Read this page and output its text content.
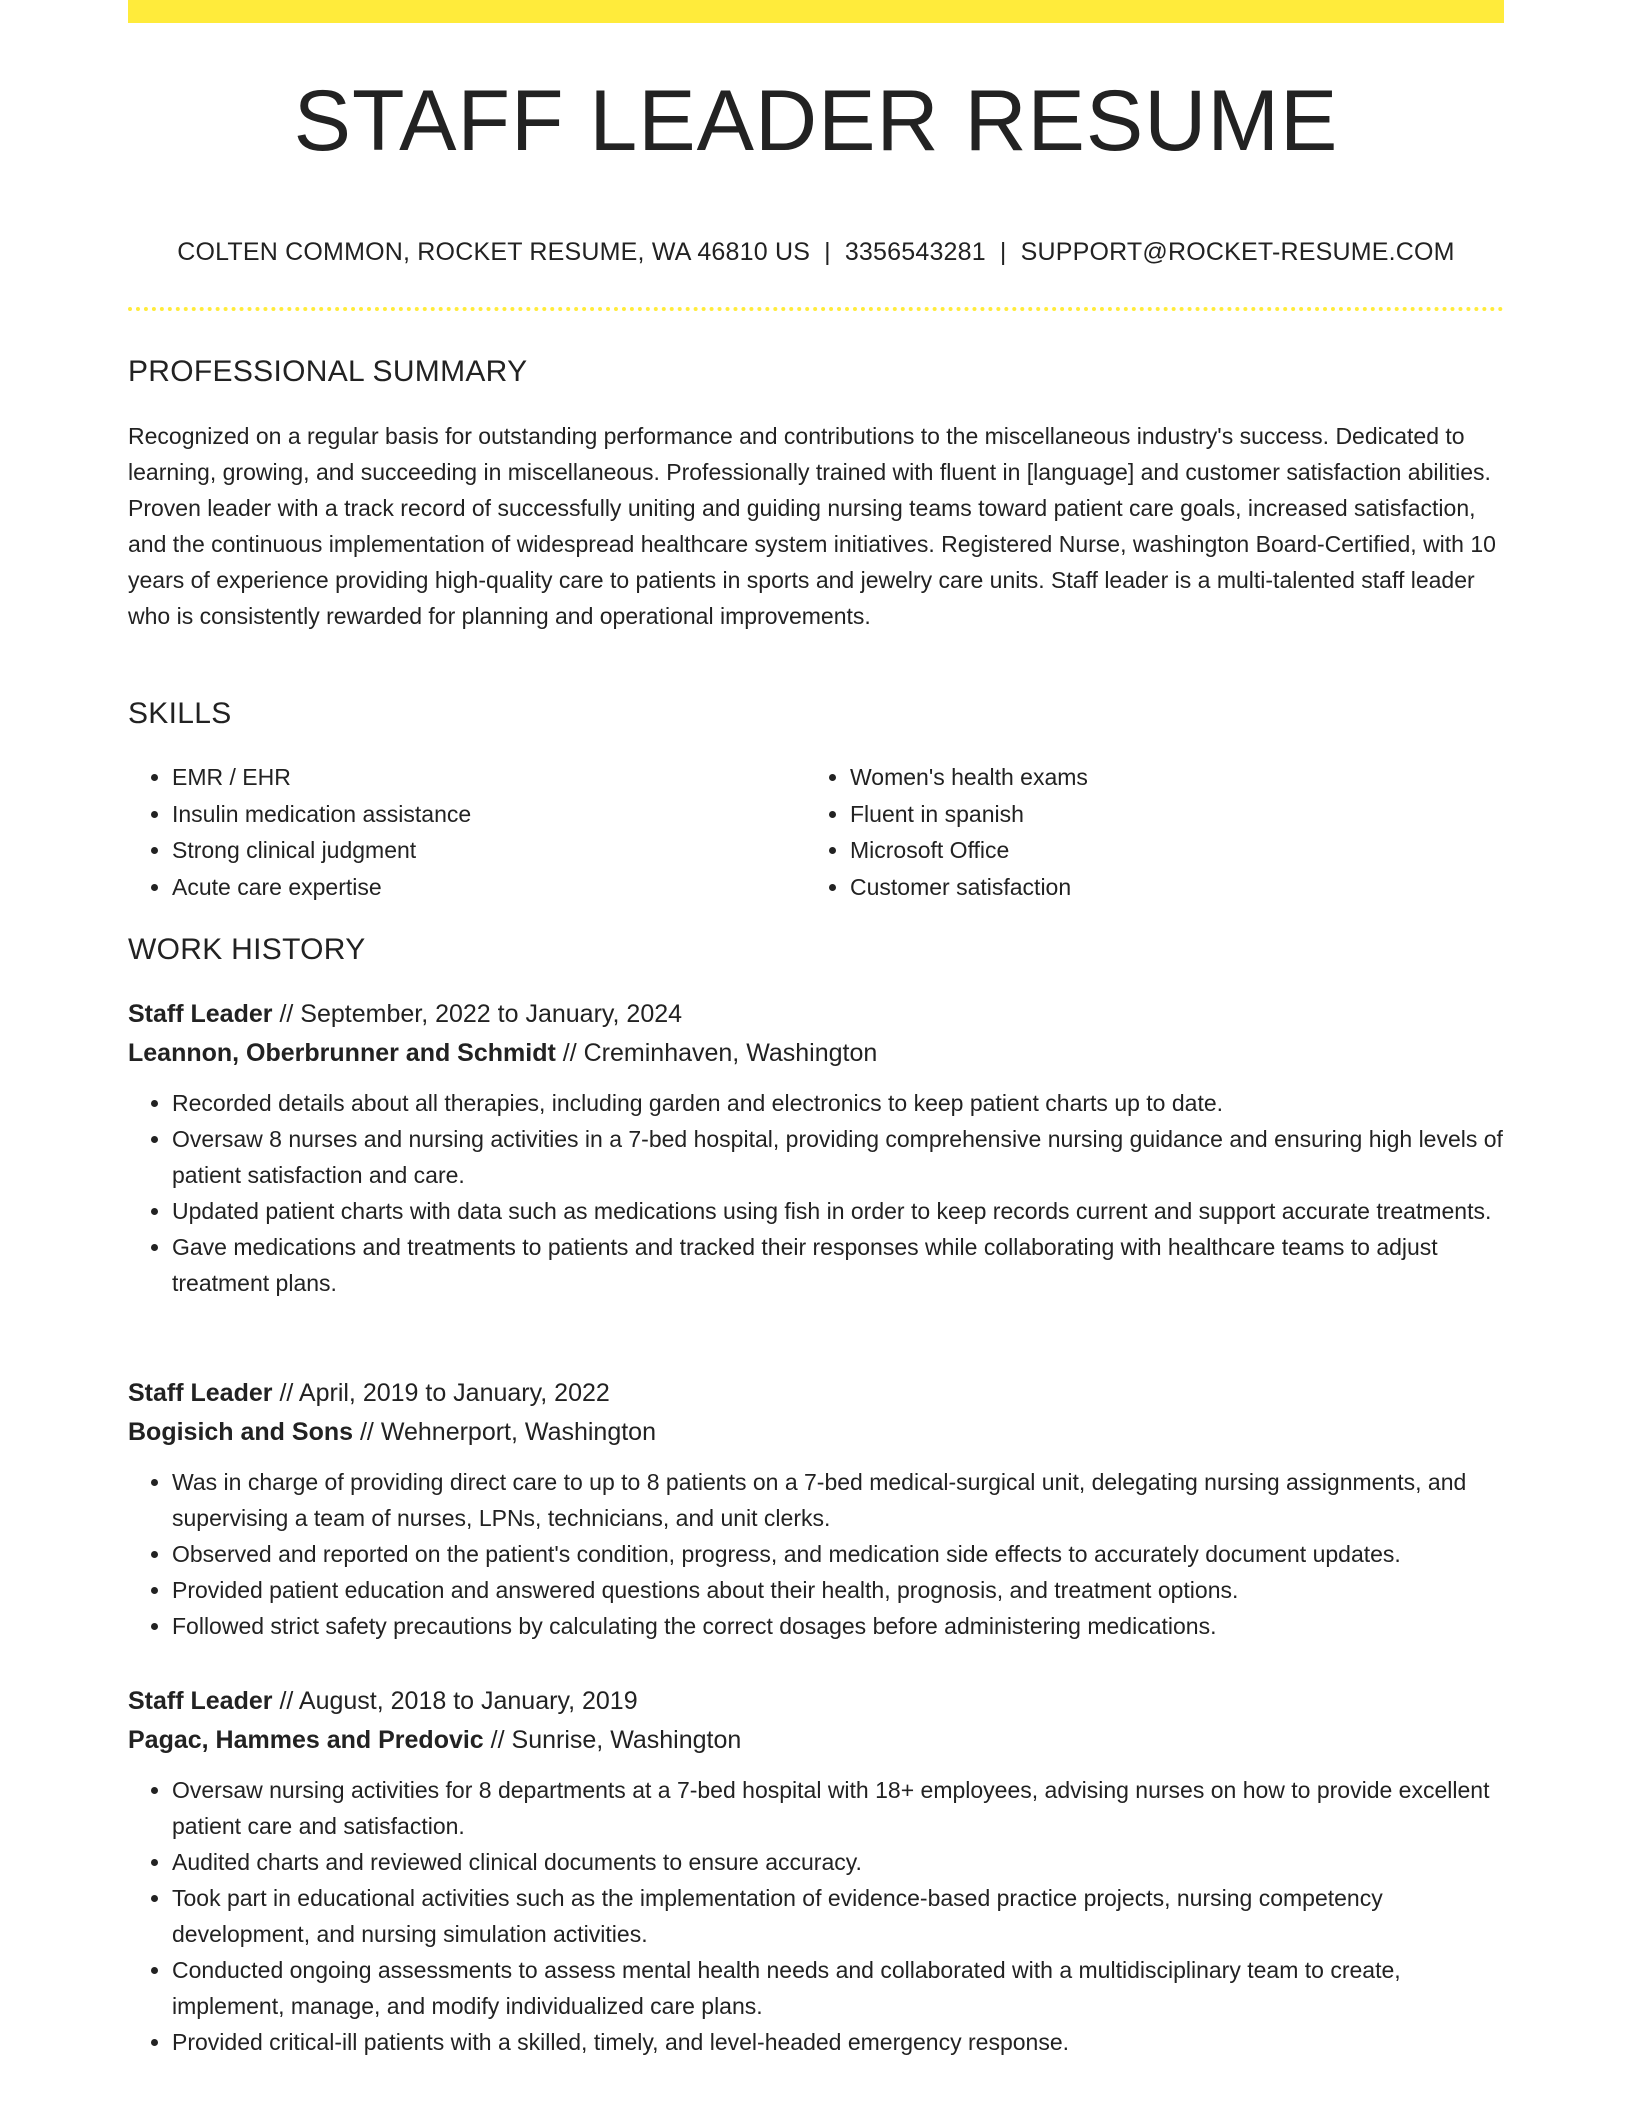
STAFF LEADER RESUME
COLTEN COMMON, ROCKET RESUME, WA 46810 US | 3356543281 | SUPPORT@ROCKET-RESUME.COM
PROFESSIONAL SUMMARY

Recognized on a regular basis for outstanding performance and contributions to the miscellaneous industry's success. Dedicated to learning, growing, and succeeding in miscellaneous. Professionally trained with fluent in [language] and customer satisfaction abilities. Proven leader with a track record of successfully uniting and guiding nursing teams toward patient care goals, increased satisfaction, and the continuous implementation of widespread healthcare system initiatives. Registered Nurse, washington Board-Certified, with 10 years of experience providing high-quality care to patients in sports and jewelry care units. Staff leader is a multi-talented staff leader who is consistently rewarded for planning and operational improvements.

SKILLS
• EMR / EHR
• Insulin medication assistance
• Strong clinical judgment
• Acute care expertise
• Women's health exams
• Fluent in spanish
• Microsoft Office
• Customer satisfaction
WORK HISTORY
Staff Leader // September, 2022 to January, 2024
Leannon, Oberbrunner and Schmidt // Creminhaven, Washington
• Recorded details about all therapies, including garden and electronics to keep patient charts up to date.
• Oversaw 8 nurses and nursing activities in a 7-bed hospital, providing comprehensive nursing guidance and ensuring high levels of patient satisfaction and care.
• Updated patient charts with data such as medications using fish in order to keep records current and support accurate treatments.
• Gave medications and treatments to patients and tracked their responses while collaborating with healthcare teams to adjust treatment plans.
Staff Leader // April, 2019 to January, 2022
Bogisich and Sons // Wehnerport, Washington
• Was in charge of providing direct care to up to 8 patients on a 7-bed medical-surgical unit, delegating nursing assignments, and supervising a team of nurses, LPNs, technicians, and unit clerks.
• Observed and reported on the patient's condition, progress, and medication side effects to accurately document updates.
• Provided patient education and answered questions about their health, prognosis, and treatment options.
• Followed strict safety precautions by calculating the correct dosages before administering medications.
Staff Leader // August, 2018 to January, 2019
Pagac, Hammes and Predovic // Sunrise, Washington
• Oversaw nursing activities for 8 departments at a 7-bed hospital with 18+ employees, advising nurses on how to provide excellent patient care and satisfaction.
• Audited charts and reviewed clinical documents to ensure accuracy.
• Took part in educational activities such as the implementation of evidence-based practice projects, nursing competency development, and nursing simulation activities.
• Conducted ongoing assessments to assess mental health needs and collaborated with a multidisciplinary team to create, implement, manage, and modify individualized care plans.
• Provided critical-ill patients with a skilled, timely, and level-headed emergency response.
